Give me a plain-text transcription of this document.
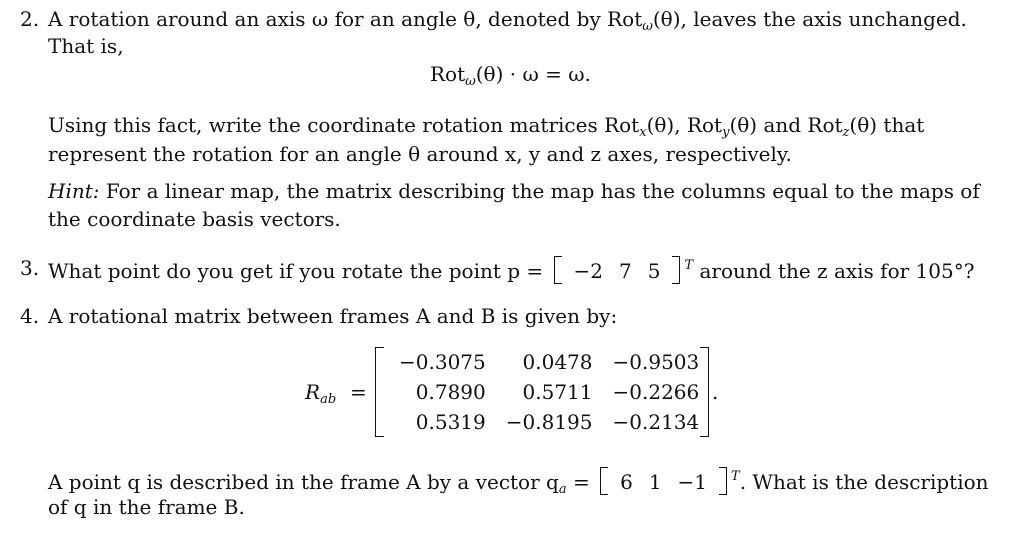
2. A rotation around an axis ω for an angle θ, denoted by Rot$_\omega$(θ), leaves the axis unchanged.
That is,
Rot$_\omega$(θ) · ω = ω.
Using this fact, write the coordinate rotation matrices Rot$_x$(θ), Rot$_y$(θ) and Rot$_z$(θ) that
represent the rotation for an angle θ around x, y and z axes, respectively.
Hint: For a linear map, the matrix describing the map has the columns equal to the maps of
the coordinate basis vectors.
3. What point do you get if you rotate the point p = −2 7 5 $^T$ around the z axis for 105°?
4. A rotational matrix between frames A and B is given by:
$R_{ab}$ =
−0.3075	0.0478	−0.9503
0.7890	0.5711	−0.2266
0.5319	−0.8195	−0.2134
.
A point q is described in the frame A by a vector $q_a = 6$ 1 −1 $^T$. What is the description
of q in the frame B.
